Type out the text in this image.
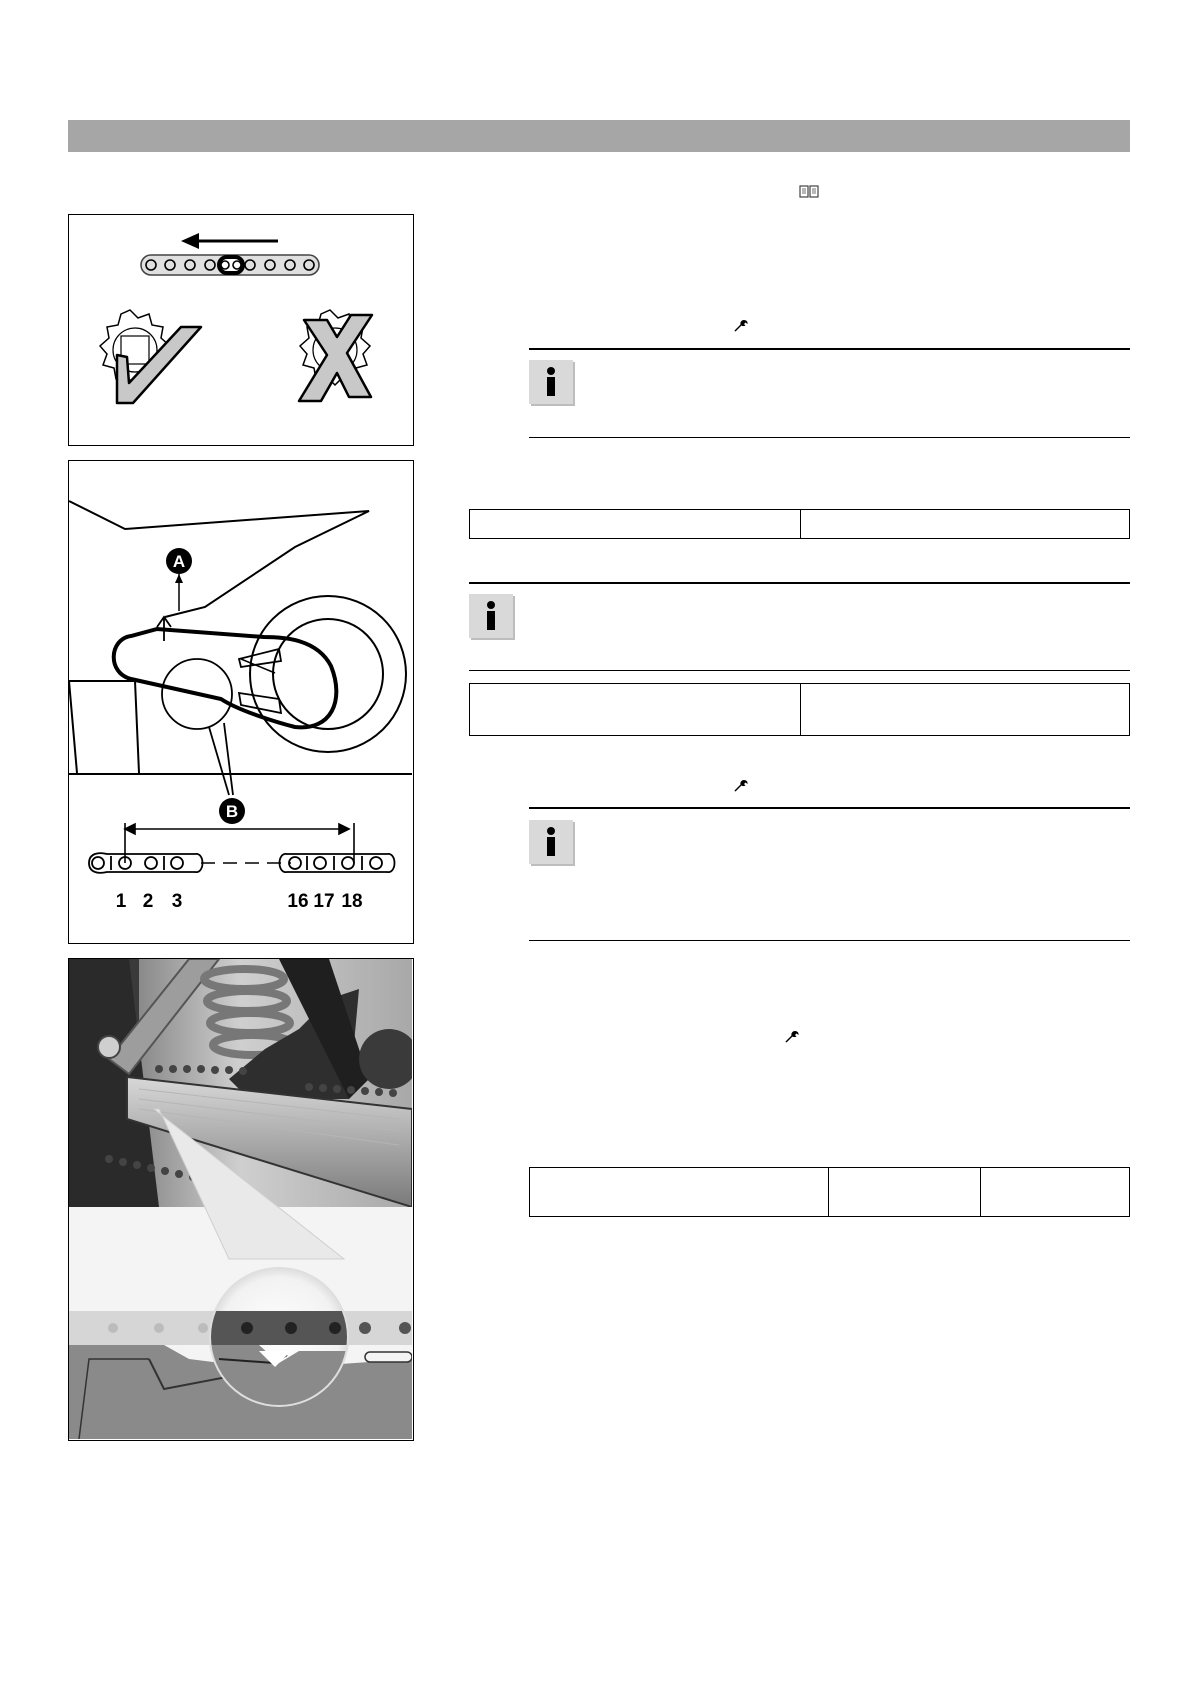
A
B
1 2 3	16 17 18
